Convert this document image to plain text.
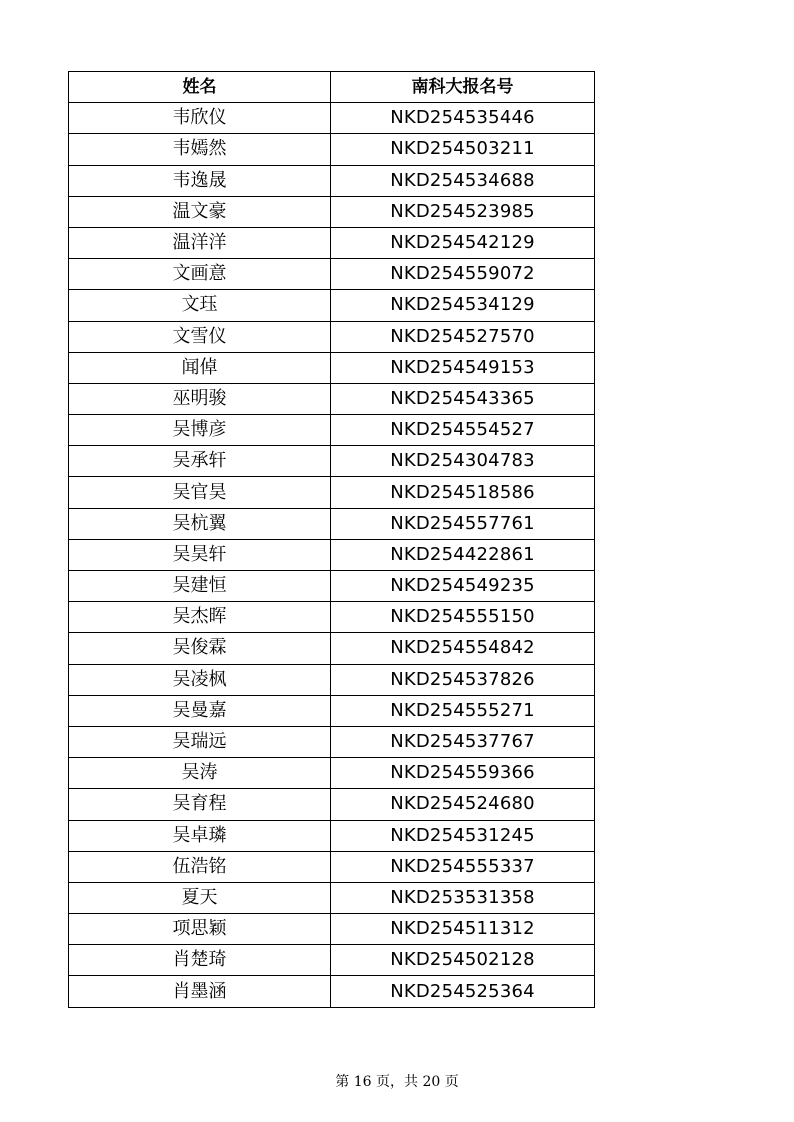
姓名	南科大报名号
韦欣仪	NKD254535446
韦嫣然	NKD254503211
韦逸晟	NKD254534688
温文豪	NKD254523985
温洋洋	NKD254542129
文画意	NKD254559072
文珏	NKD254534129
文雪仪	NKD254527570
闻倬	NKD254549153
巫明骏	NKD254543365
吴博彦	NKD254554527
吴承轩	NKD254304783
吴官昊	NKD254518586
吴杭翼	NKD254557761
吴昊轩	NKD254422861
吴建恒	NKD254549235
吴杰晖	NKD254555150
吴俊霖	NKD254554842
吴凌枫	NKD254537826
吴曼嘉	NKD254555271
吴瑞远	NKD254537767
吴涛	NKD254559366
吴育程	NKD254524680
吴卓璘	NKD254531245
伍浩铭	NKD254555337
夏天	NKD253531358
项思颖	NKD254511312
肖楚琦	NKD254502128
肖墨涵	NKD254525364
第 16 页，共 20 页
